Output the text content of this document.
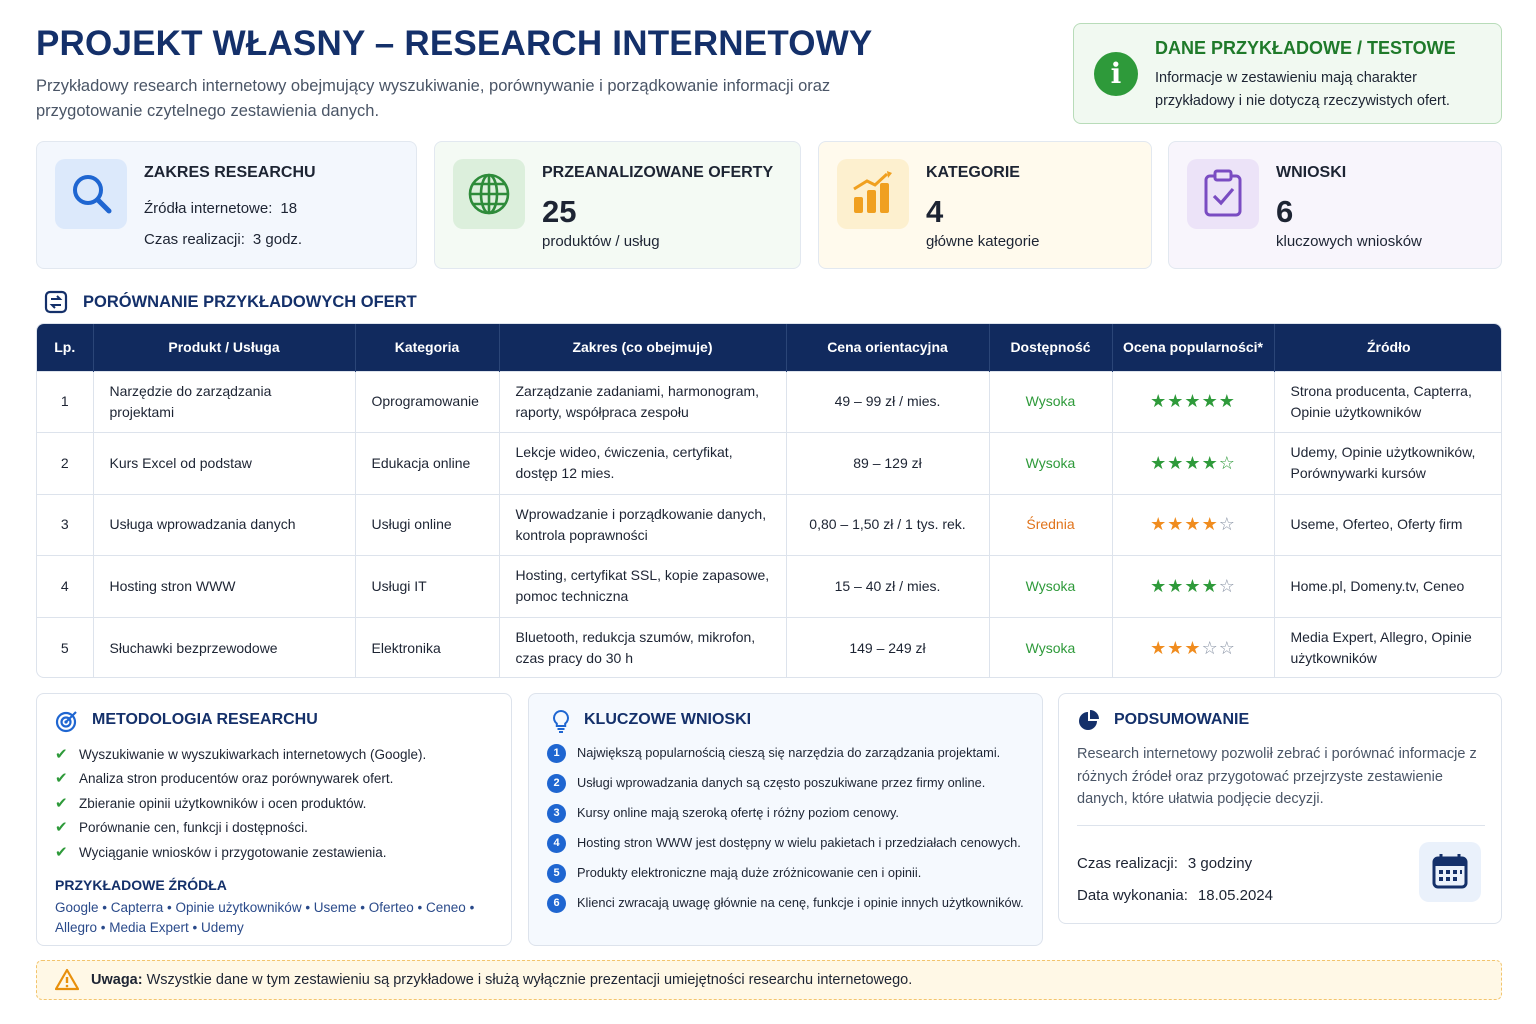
PROJEKT WŁASNY – RESEARCH INTERNETOWY
Przykładowy research internetowy obejmujący wyszukiwanie, porównywanie i porządkowanie informacji oraz przygotowanie czytelnego zestawienia danych.
i
DANE PRZYKŁADOWE / TESTOWE
Informacje w zestawieniu mają charakter przykładowy i nie dotyczą rzeczywistych ofert.
ZAKRES RESEARCHU
Źródła internetowe: 18
Czas realizacji: 3 godz.
PRZEANALIZOWANE OFERTY
25
produktów / usług
KATEGORIE
4
główne kategorie
WNIOSKI
6
kluczowych wniosków
PORÓWNANIE PRZYKŁADOWYCH OFERT
Lp.	Produkt / Usługa	Kategoria	Zakres (co obejmuje)	Cena orientacyjna	Dostępność	Ocena popularności*	Źródło
1	Narzędzie do zarządzania projektami	Oprogramowanie	Zarządzanie zadaniami, harmonogram, raporty, współpraca zespołu	49 – 99 zł / mies.	Wysoka	★★★★★	Strona producenta, Capterra, Opinie użytkowników
2	Kurs Excel od podstaw	Edukacja online	Lekcje wideo, ćwiczenia, certyfikat, dostęp 12 mies.	89 – 129 zł	Wysoka	★★★★☆	Udemy, Opinie użytkowników, Porównywarki kursów
3	Usługa wprowadzania danych	Usługi online	Wprowadzanie i porządkowanie danych, kontrola poprawności	0,80 – 1,50 zł / 1 tys. rek.	Średnia	★★★★☆	Useme, Oferteo, Oferty firm
4	Hosting stron WWW	Usługi IT	Hosting, certyfikat SSL, kopie zapasowe, pomoc techniczna	15 – 40 zł / mies.	Wysoka	★★★★☆	Home.pl, Domeny.tv, Ceneo
5	Słuchawki bezprzewodowe	Elektronika	Bluetooth, redukcja szumów, mikrofon, czas pracy do 30 h	149 – 249 zł	Wysoka	★★★☆☆	Media Expert, Allegro, Opinie użytkowników
METODOLOGIA RESEARCHU
✔ Wyszukiwanie w wyszukiwarkach internetowych (Google).
✔ Analiza stron producentów oraz porównywarek ofert.
✔ Zbieranie opinii użytkowników i ocen produktów.
✔ Porównanie cen, funkcji i dostępności.
✔ Wyciąganie wniosków i przygotowanie zestawienia.
PRZYKŁADOWE ŹRÓDŁA
Google • Capterra • Opinie użytkowników • Useme • Oferteo • Ceneo • Allegro • Media Expert • Udemy
KLUCZOWE WNIOSKI
1 Największą popularnością cieszą się narzędzia do zarządzania projektami.
2 Usługi wprowadzania danych są często poszukiwane przez firmy online.
3 Kursy online mają szeroką ofertę i różny poziom cenowy.
4 Hosting stron WWW jest dostępny w wielu pakietach i przedziałach cenowych.
5 Produkty elektroniczne mają duże zróżnicowanie cen i opinii.
6 Klienci zwracają uwagę głównie na cenę, funkcje i opinie innych użytkowników.
PODSUMOWANIE
Research internetowy pozwolił zebrać i porównać informacje z różnych źródeł oraz przygotować przejrzyste zestawienie danych, które ułatwia podjęcie decyzji.
Czas realizacji: 3 godziny
Data wykonania: 18.05.2024
Uwaga: Wszystkie dane w tym zestawieniu są przykładowe i służą wyłącznie prezentacji umiejętności researchu internetowego.
